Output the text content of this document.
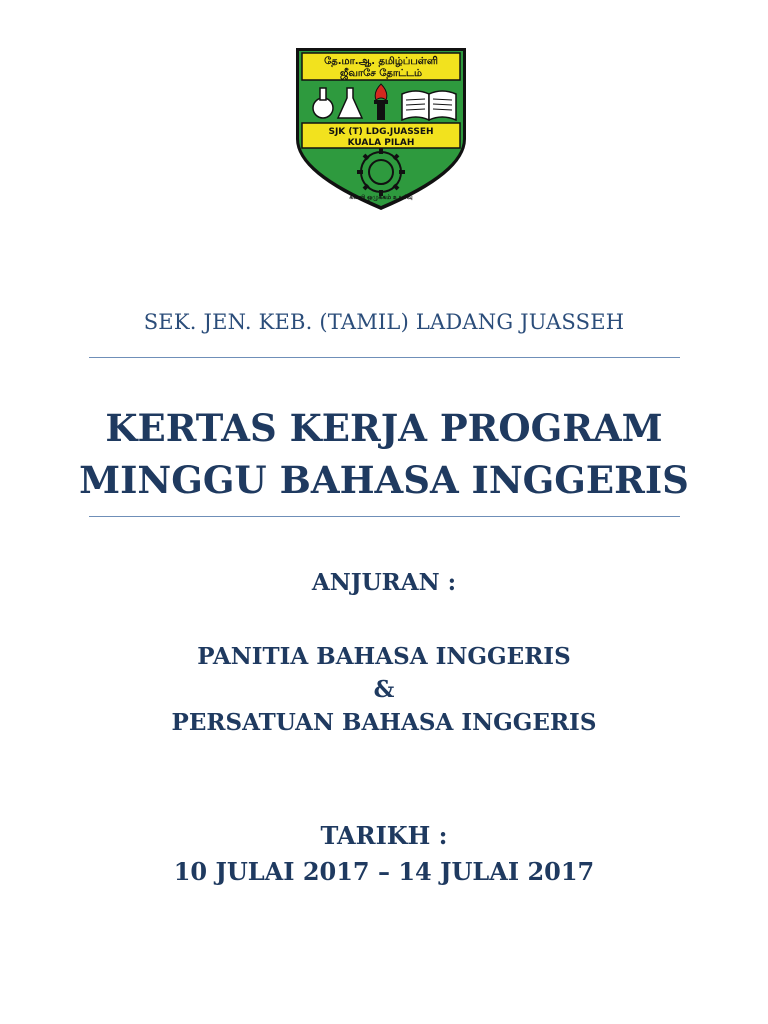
தே.மா.ஆ. தமிழ்ப்பள்ளி
ஜீவாசே தோட்டம்
SJK (T) LDG.JUASSEH
KUALA PILAH
கல்வி ஒழுக்கம் உயர்வு
SEK. JEN. KEB. (TAMIL) LADANG JUASSEH
KERTAS KERJA PROGRAM
MINGGU BAHASA INGGERIS
ANJURAN :
PANITIA BAHASA INGGERIS
&
PERSATUAN BAHASA INGGERIS
TARIKH :
10 JULAI 2017 – 14 JULAI 2017
